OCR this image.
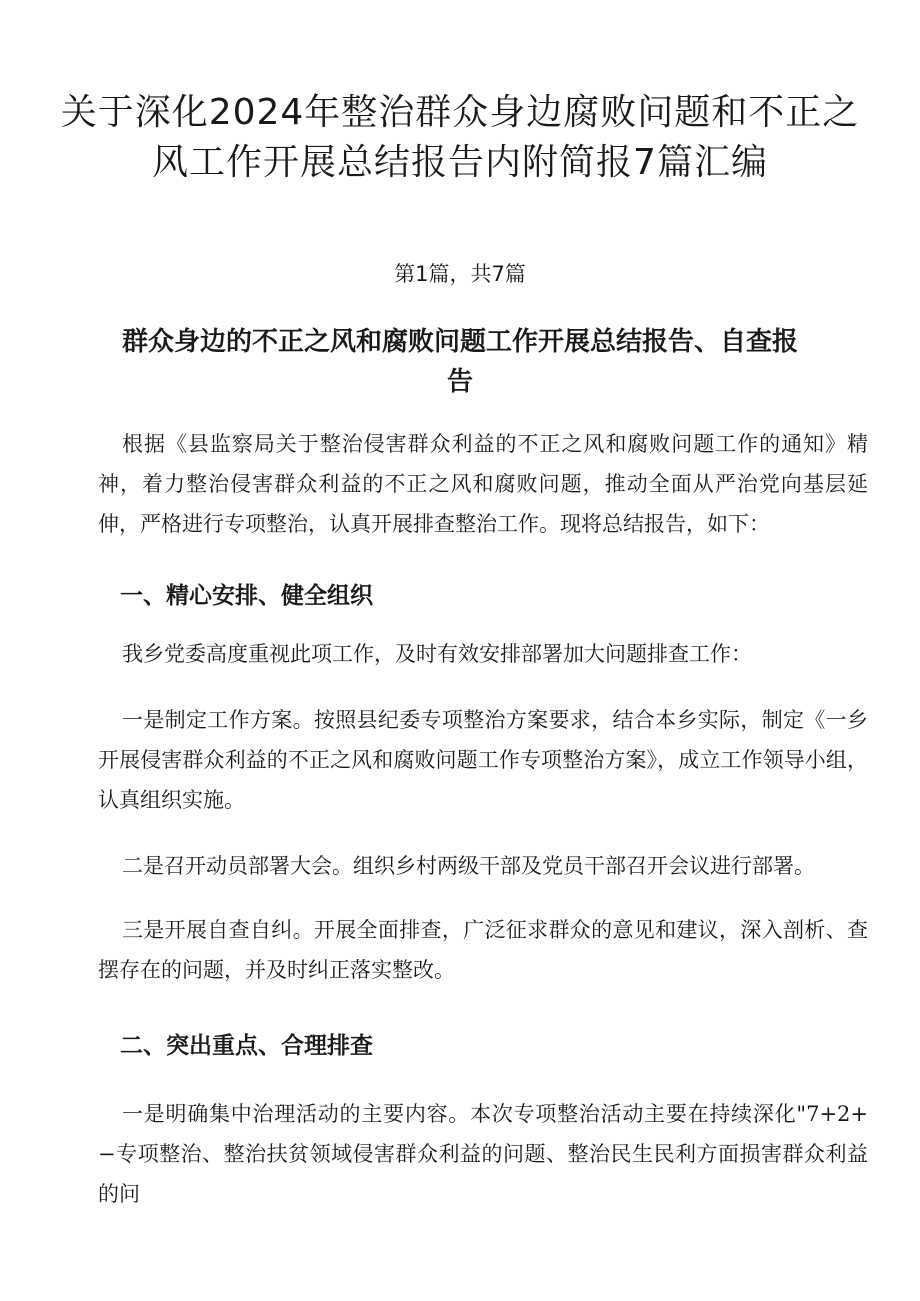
关于深化2024年整治群众身边腐败问题和不正之风工作开展总结报告内附简报7篇汇编
第1篇，共7篇
群众身边的不正之风和腐败问题工作开展总结报告、自查报告

根据《县监察局关于整治侵害群众利益的不正之风和腐败问题工作的通知》精神，着力整治侵害群众利益的不正之风和腐败问题，推动全面从严治党向基层延伸，严格进行专项整治，认真开展排查整治工作。现将总结报告，如下：

一、精心安排、健全组织

我乡党委高度重视此项工作，及时有效安排部署加大问题排查工作：

一是制定工作方案。按照县纪委专项整治方案要求，结合本乡实际，制定《一乡开展侵害群众利益的不正之风和腐败问题工作专项整治方案》，成立工作领导小组，认真组织实施。

二是召开动员部署大会。组织乡村两级干部及党员干部召开会议进行部署。

三是开展自查自纠。开展全面排查，广泛征求群众的意见和建议，深入剖析、查摆存在的问题，并及时纠正落实整改。

二、突出重点、合理排查

一是明确集中治理活动的主要内容。本次专项整治活动主要在持续深化"7+2+−专项整治、整治扶贫领域侵害群众利益的问题、整治民生民利方面损害群众利益的问
